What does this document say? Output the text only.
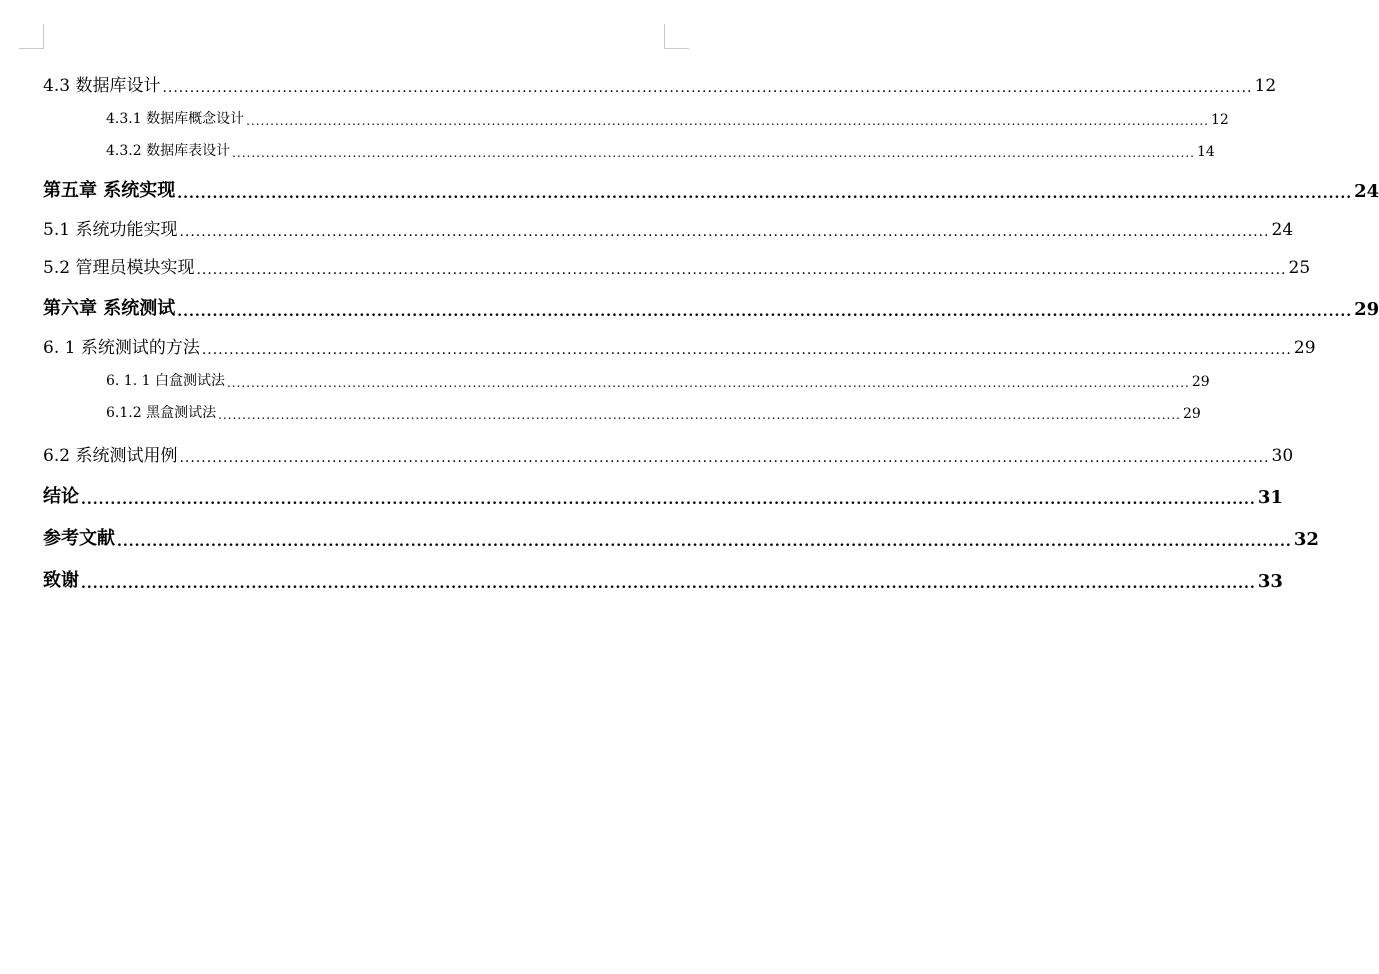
4.3 数据库设计 ........................................................................................................................................................................................................ 12
4.3.1 数据库概念设计 ........................................................................................................................................................................................................ 12
4.3.2 数据库表设计 ........................................................................................................................................................................................................ 14
第五章 系统实现 ........................................................................................................................................................................................................ 24
5.1 系统功能实现 ........................................................................................................................................................................................................ 24
5.2 管理员模块实现 ........................................................................................................................................................................................................ 25
第六章 系统测试 ........................................................................................................................................................................................................ 29
6. 1 系统测试的方法 ........................................................................................................................................................................................................ 29
6. 1. 1 白盒测试法 ........................................................................................................................................................................................................ 29
6.1.2 黑盒测试法 ........................................................................................................................................................................................................ 29
6.2 系统测试用例 ........................................................................................................................................................................................................ 30
结论 ........................................................................................................................................................................................................ 31
参考文献 ........................................................................................................................................................................................................ 32
致谢 ........................................................................................................................................................................................................ 33
